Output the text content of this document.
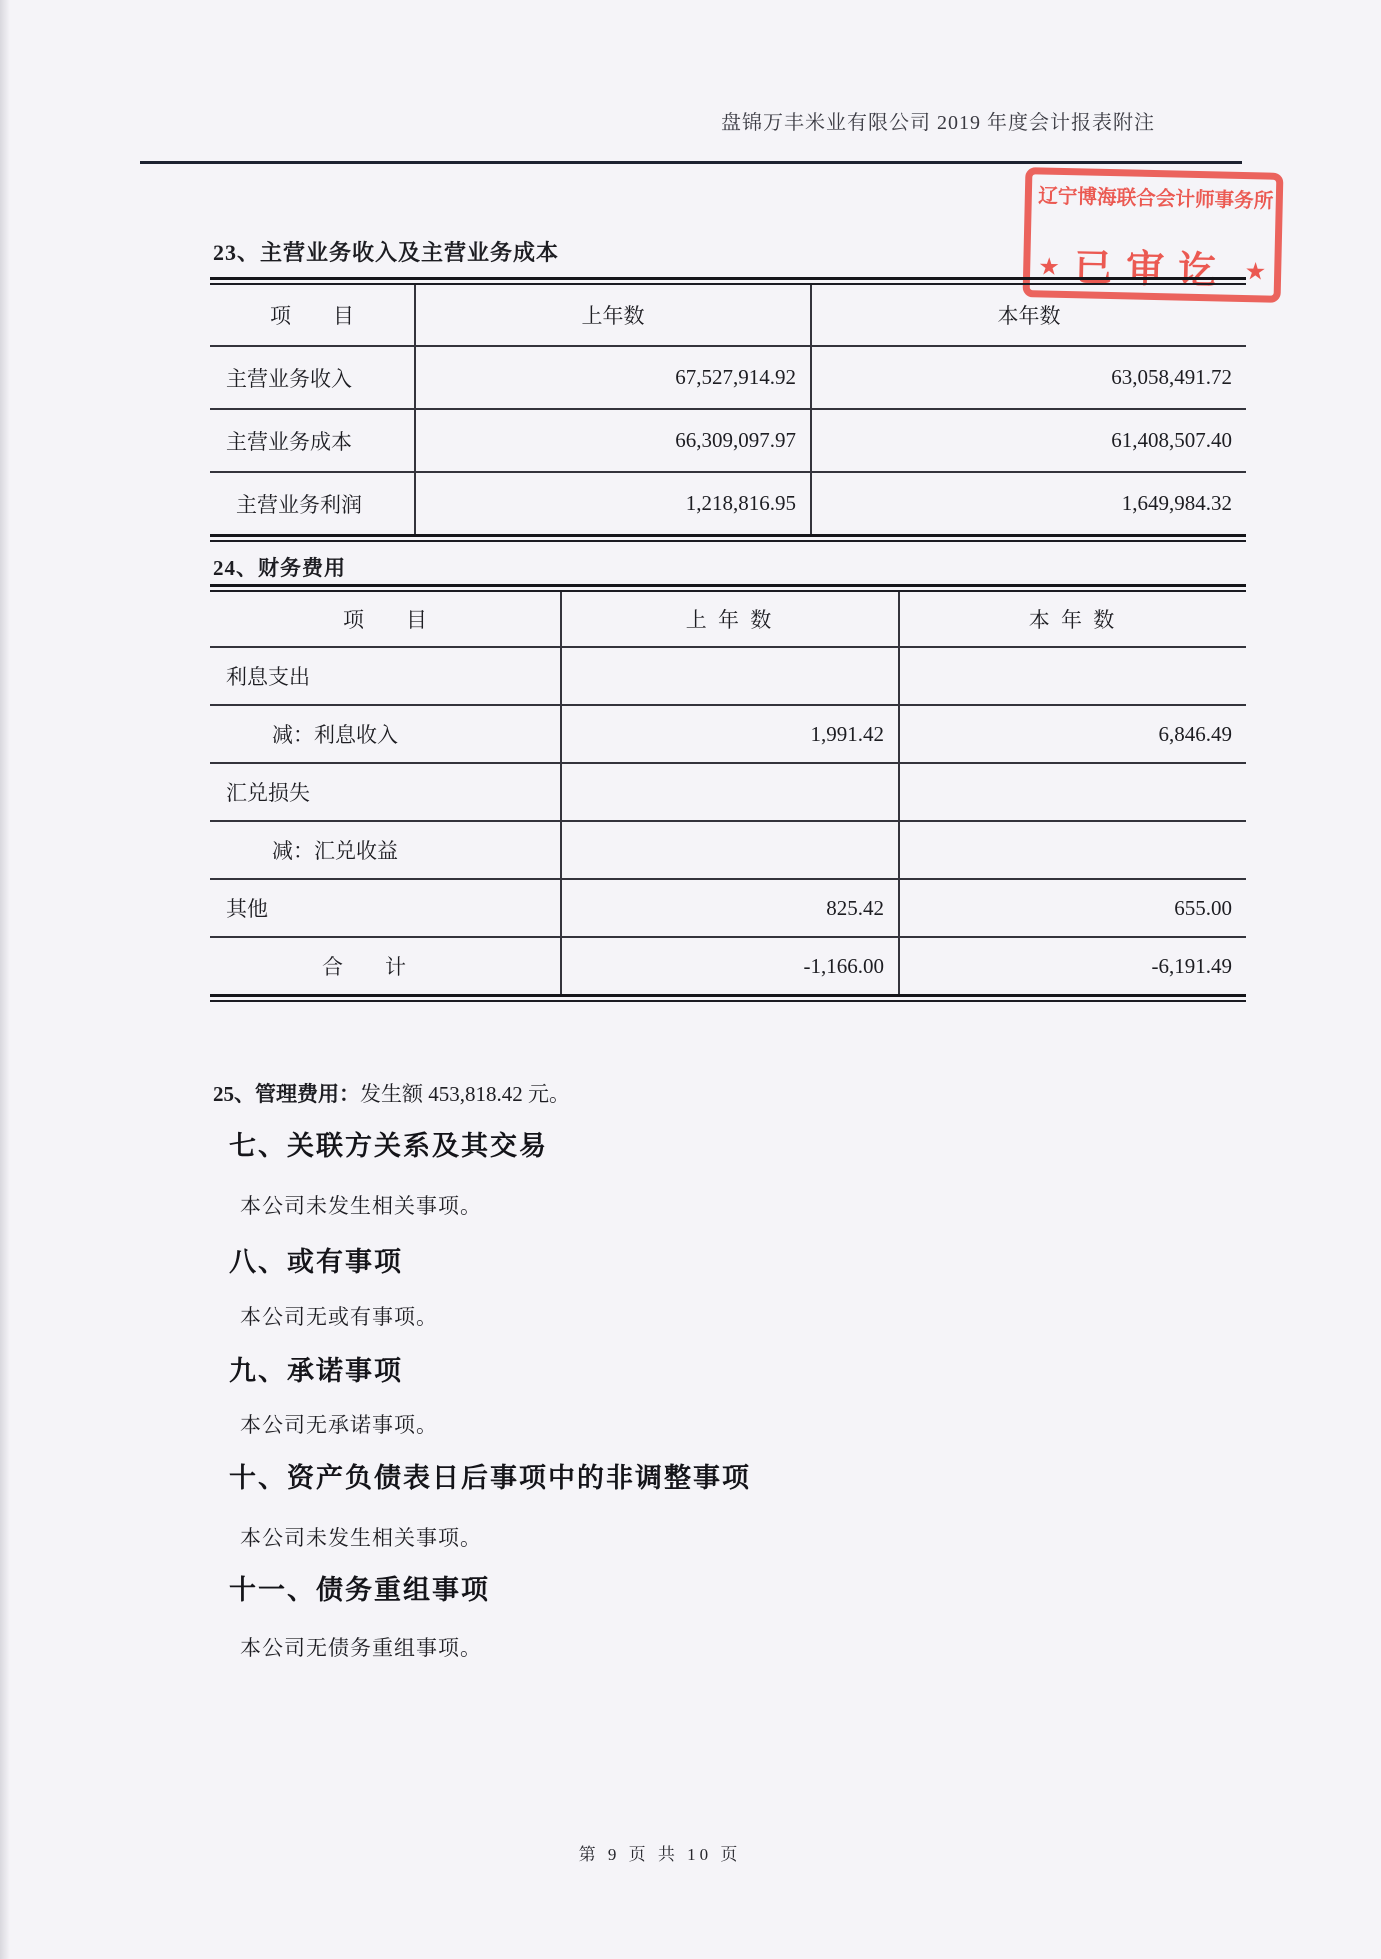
盘锦万丰米业有限公司 2019 年度会计报表附注
辽宁博海联合会计师事务所
★ 已审讫 ★
23、主营业务收入及主营业务成本
项　　目	上年数	本年数
主营业务收入	67,527,914.92	63,058,491.72
主营业务成本	66,309,097.97	61,408,507.40
主营业务利润	1,218,816.95	1,649,984.32
24、财务费用
项　　目	上 年 数	本 年 数
利息支出
减：利息收入	1,991.42	6,846.49
汇兑损失
减：汇兑收益
其他	825.42	655.00
合　　计	-1,166.00	-6,191.49
25、管理费用：发生额 453,818.42 元。
七、关联方关系及其交易
本公司未发生相关事项。
八、或有事项
本公司无或有事项。
九、承诺事项
本公司无承诺事项。
十、资产负债表日后事项中的非调整事项
本公司未发生相关事项。
十一、债务重组事项
本公司无债务重组事项。
第 9 页 共 10 页
